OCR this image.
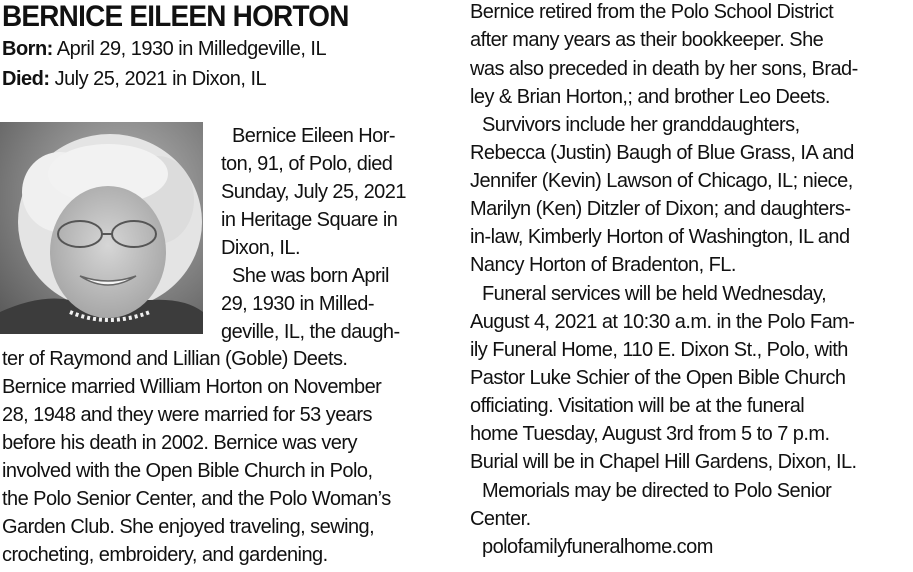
BERNICE EILEEN HORTON
Born: April 29, 1930 in Milledgeville, IL
Died: July 25, 2021 in Dixon, IL
Bernice Eileen Hor-
ton, 91, of Polo, died
Sunday, July 25, 2021
in Heritage Square in
Dixon, IL.
She was born April
29, 1930 in Milled-
geville, IL, the daugh-
ter of Raymond and Lillian (Goble) Deets.
Bernice married William Horton on November
28, 1948 and they were married for 53 years
before his death in 2002. Bernice was very
involved with the Open Bible Church in Polo,
the Polo Senior Center, and the Polo Woman’s
Garden Club. She enjoyed traveling, sewing,
crocheting, embroidery, and gardening.
Bernice retired from the Polo School District
after many years as their bookkeeper. She
was also preceded in death by her sons, Brad-
ley & Brian Horton,; and brother Leo Deets.
Survivors include her granddaughters,
Rebecca (Justin) Baugh of Blue Grass, IA and
Jennifer (Kevin) Lawson of Chicago, IL; niece,
Marilyn (Ken) Ditzler of Dixon; and daughters-
in-law, Kimberly Horton of Washington, IL and
Nancy Horton of Bradenton, FL.
Funeral services will be held Wednesday,
August 4, 2021 at 10:30 a.m. in the Polo Fam-
ily Funeral Home, 110 E. Dixon St., Polo, with
Pastor Luke Schier of the Open Bible Church
officiating. Visitation will be at the funeral
home Tuesday, August 3rd from 5 to 7 p.m.
Burial will be in Chapel Hill Gardens, Dixon, IL.
Memorials may be directed to Polo Senior
Center.
polofamilyfuneralhome.com
